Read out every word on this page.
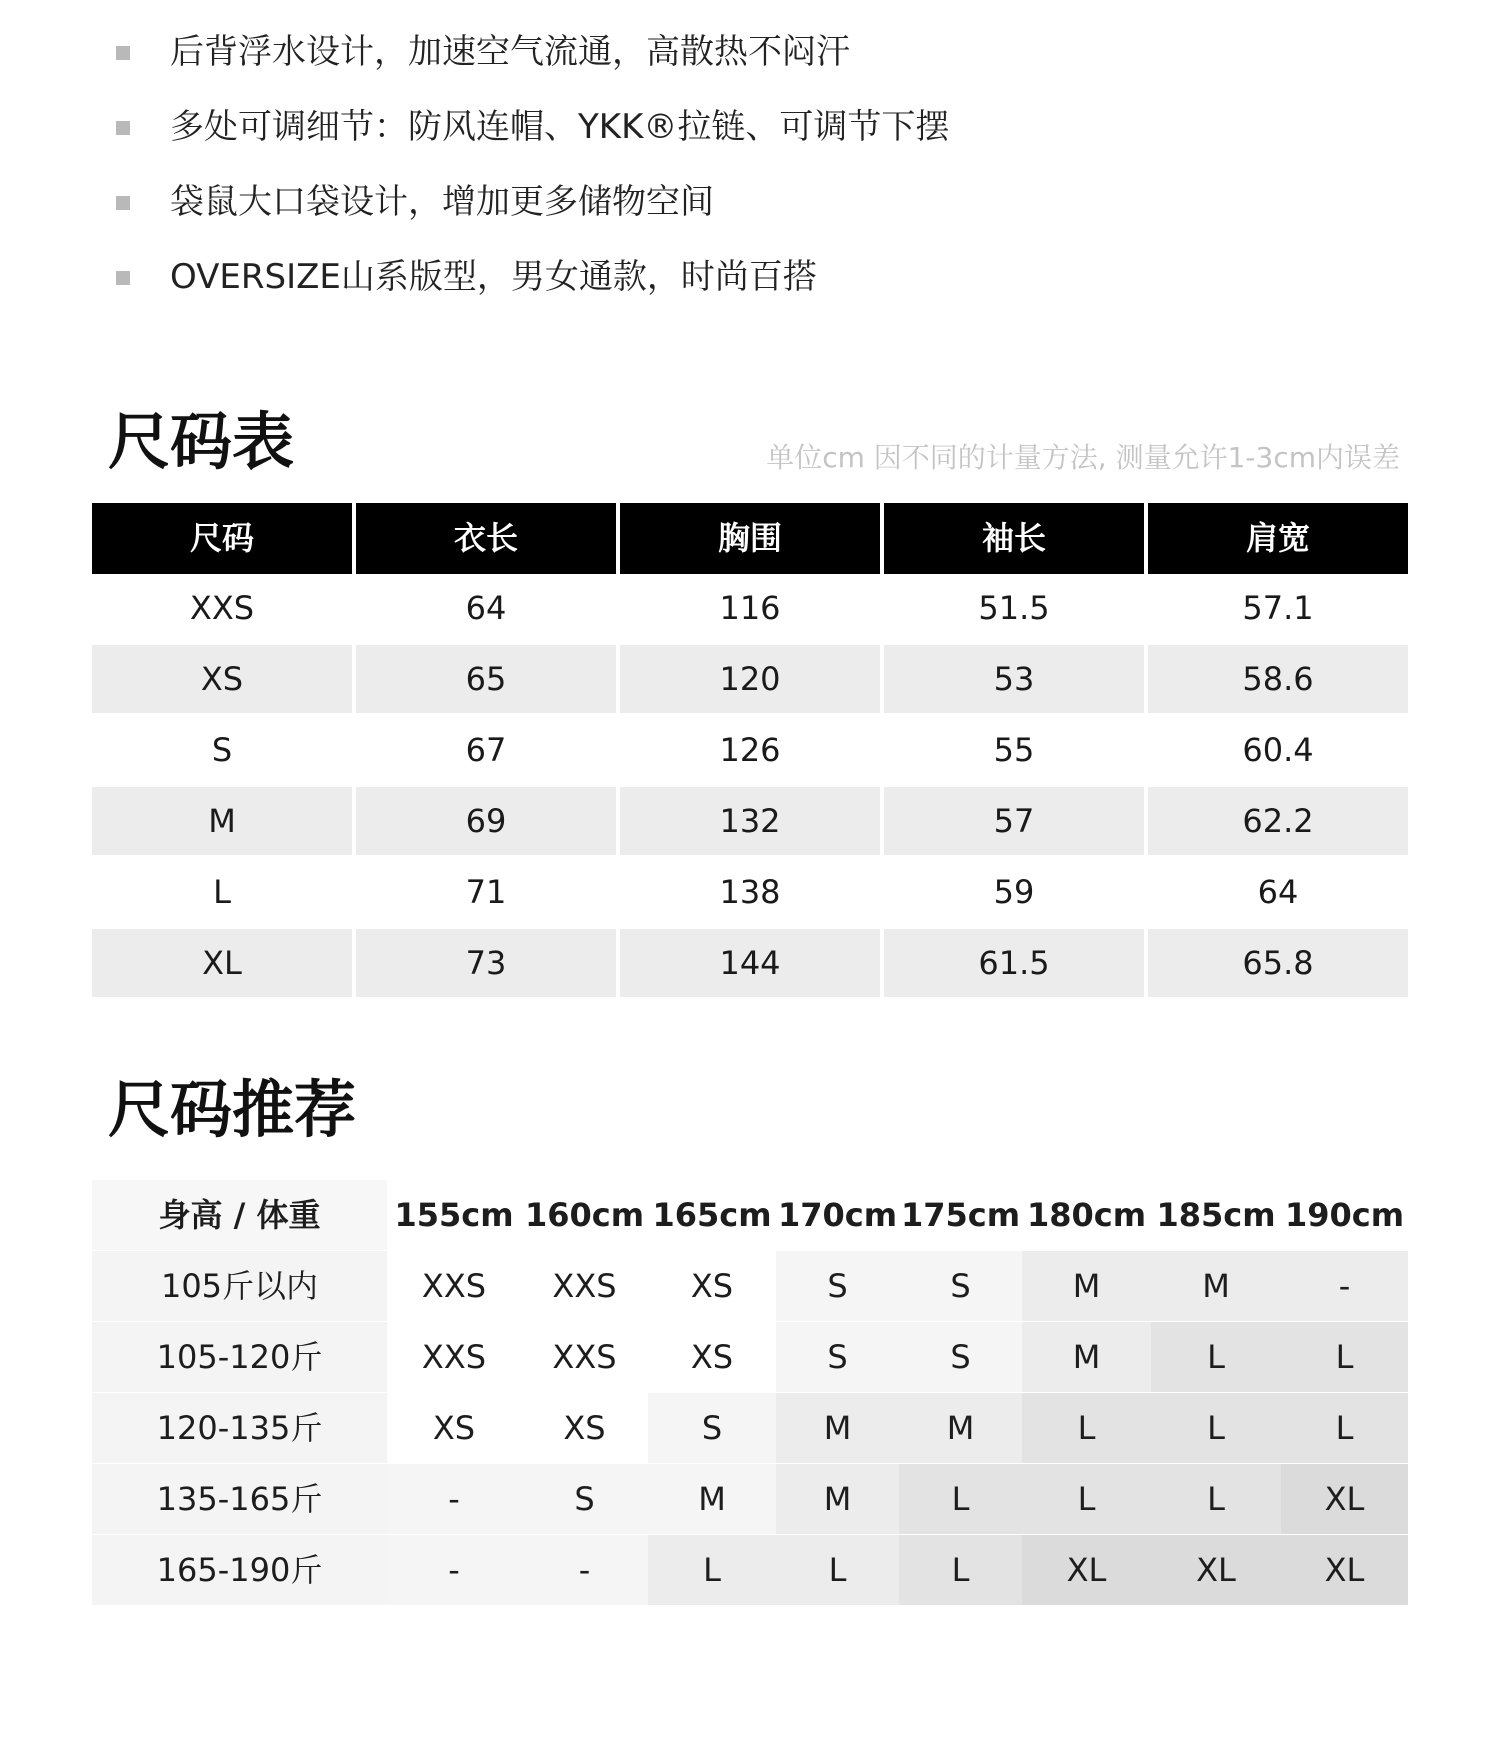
后背浮水设计，加速空气流通，高散热不闷汗
多处可调细节：防风连帽、YKK®拉链、可调节下摆
袋鼠大口袋设计，增加更多储物空间
OVERSIZE山系版型，男女通款，时尚百搭
尺码表	单位cm 因不同的计量方法, 测量允许1-3cm内误差
尺码	衣长	胸围	袖长	肩宽
XXS	64	116	51.5	57.1
XS	65	120	53	58.6
S	67	126	55	60.4
M	69	132	57	62.2
L	71	138	59	64
XL	73	144	61.5	65.8
尺码推荐
身高 / 体重	155cm 160cm 165cm 170cm 175cm 180cm 185cm 190cm
105斤以内	XXS	XXS	XS	S	S	M	M	-
105-120斤	XXS	XXS	XS	S	S	M	L	L
120-135斤	XS	XS	S	M	M	L	L	L
135-165斤	-	S	M	M	L	L	L	XL
165-190斤	-	-	L	L	L	XL	XL	XL
